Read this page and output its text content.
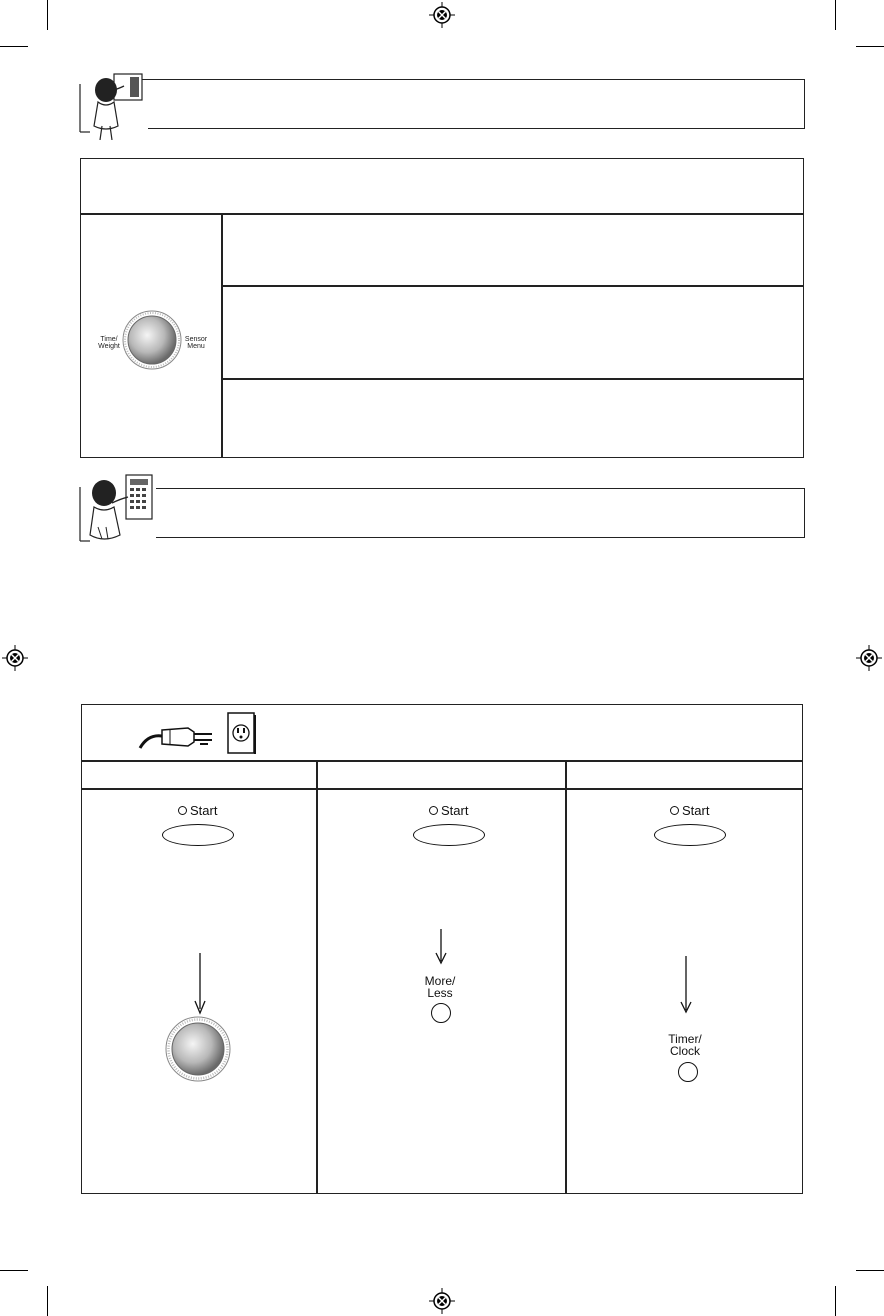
Time/
Weight
Sensor
Menu
Start	Start
More/
Less
Start
Timer/
Clock
